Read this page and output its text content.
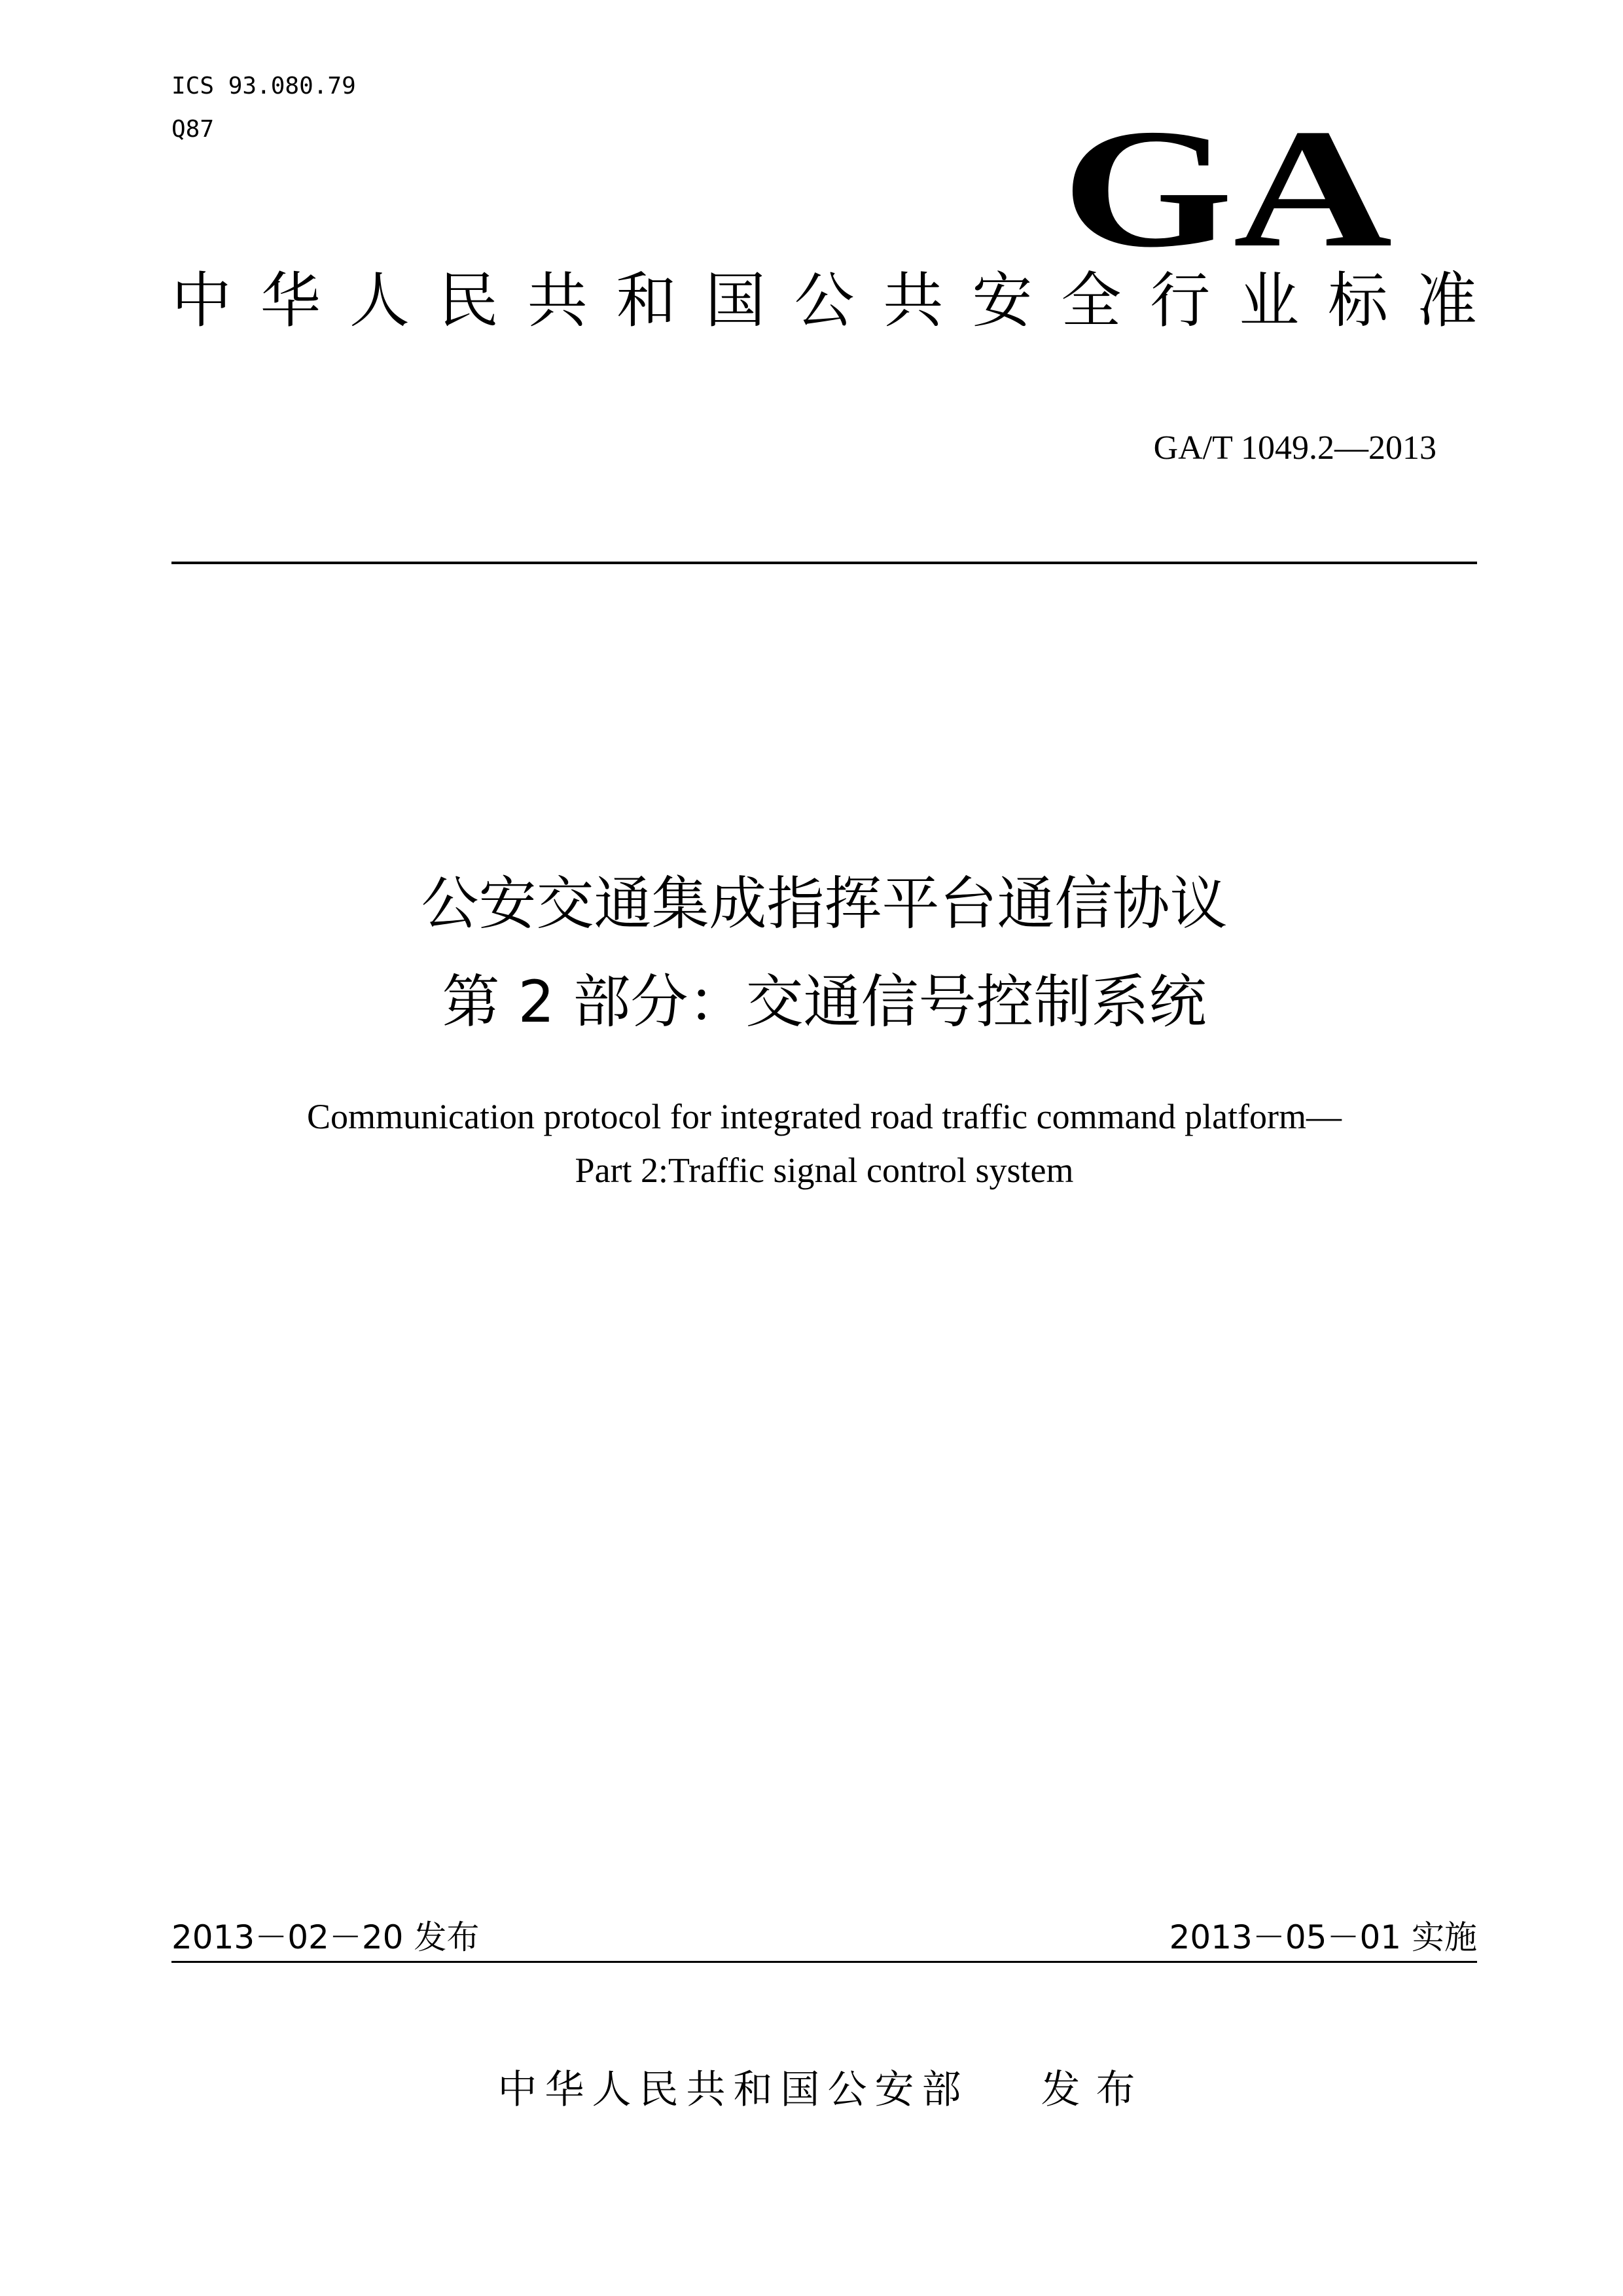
ICS 93.080.79
Q87	GA
中华人民共和国公共安全行业标准
GA/T 1049.2—2013
公安交通集成指挥平台通信协议
第 2 部分：交通信号控制系统
Communication protocol for integrated road traffic command platform—
Part 2:Traffic signal control system
2013－02－20 发布	2013－05－01 实施
中华人民共和国公安部 发布
